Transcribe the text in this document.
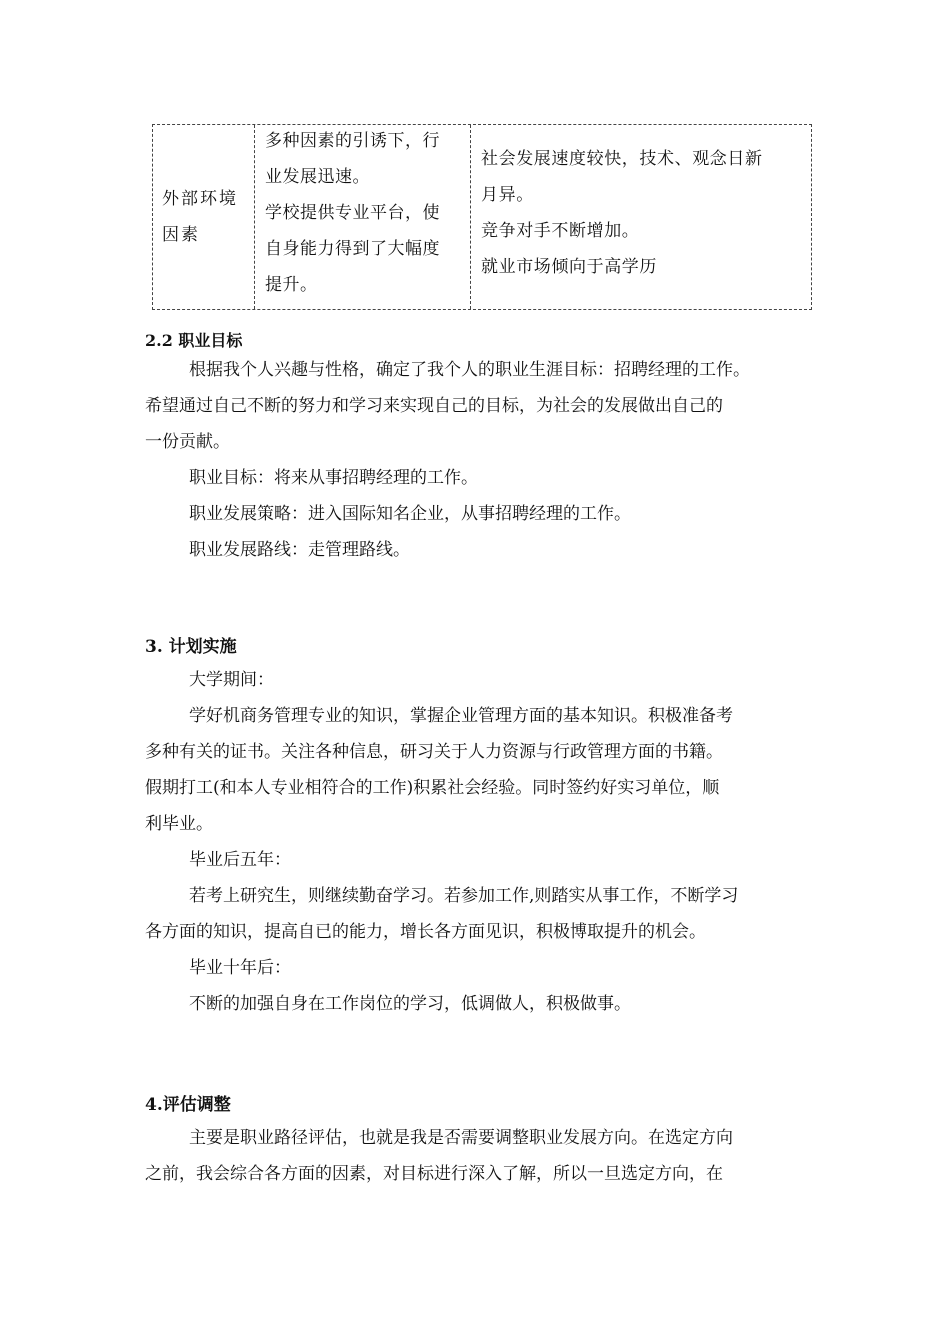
外部环境
因素
多种因素的引诱下，行
业发展迅速。
学校提供专业平台，使
自身能力得到了大幅度
提升。
社会发展速度较快，技术、观念日新
月异。
竞争对手不断增加。
就业市场倾向于高学历
2.2 职业目标
根据我个人兴趣与性格，确定了我个人的职业生涯目标：招聘经理的工作。
希望通过自己不断的努力和学习来实现自己的目标，为社会的发展做出自己的
一份贡献。
职业目标：将来从事招聘经理的工作。
职业发展策略：进入国际知名企业，从事招聘经理的工作。
职业发展路线：走管理路线。
3. 计划实施
大学期间：
学好机商务管理专业的知识，掌握企业管理方面的基本知识。积极准备考
多种有关的证书。关注各种信息，研习关于人力资源与行政管理方面的书籍。
假期打工(和本人专业相符合的工作)积累社会经验。同时签约好实习单位，顺
利毕业。
毕业后五年：
若考上研究生，则继续勤奋学习。若参加工作,则踏实从事工作，不断学习
各方面的知识，提高自已的能力，增长各方面见识，积极博取提升的机会。
毕业十年后：
不断的加强自身在工作岗位的学习，低调做人，积极做事。
4.评估调整
主要是职业路径评估，也就是我是否需要调整职业发展方向。在选定方向
之前，我会综合各方面的因素，对目标进行深入了解，所以一旦选定方向，在
